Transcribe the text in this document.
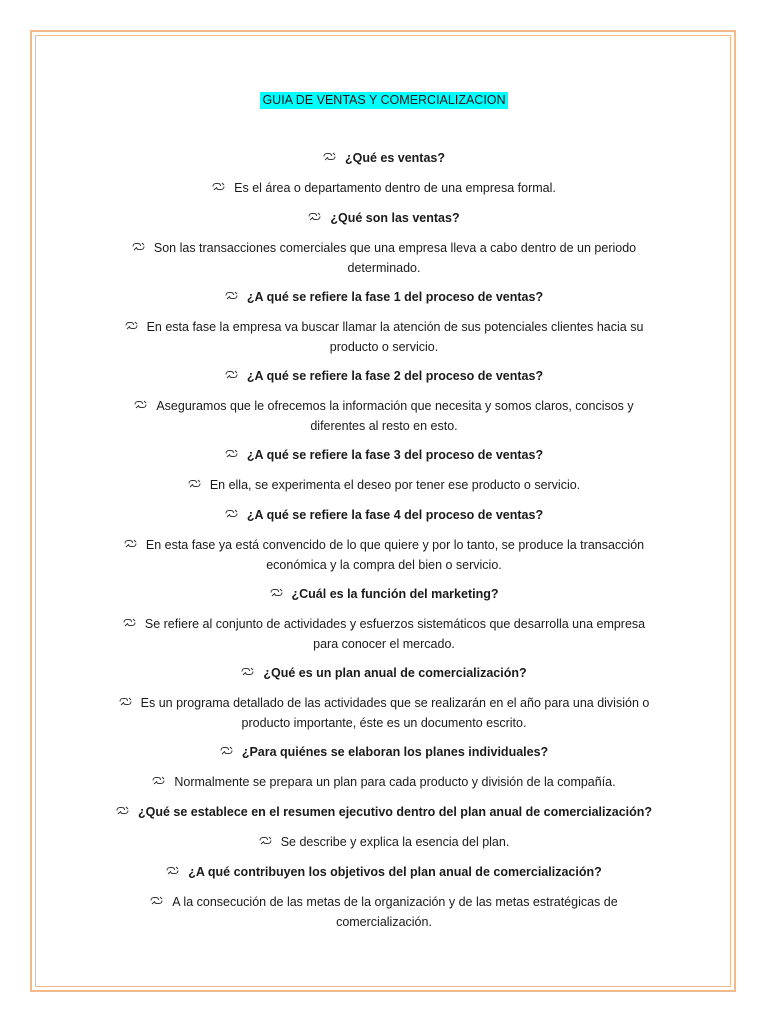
GUIA DE VENTAS Y COMERCIALIZACION

¿Qué es ventas?

Es el área o departamento dentro de una empresa formal.

¿Qué son las ventas?

Son las transacciones comerciales que una empresa lleva a cabo dentro de un periodo determinado.

¿A qué se refiere la fase 1 del proceso de ventas?

En esta fase la empresa va buscar llamar la atención de sus potenciales clientes hacia su producto o servicio.

¿A qué se refiere la fase 2 del proceso de ventas?

Aseguramos que le ofrecemos la información que necesita y somos claros, concisos y diferentes al resto en esto.

¿A qué se refiere la fase 3 del proceso de ventas?

En ella, se experimenta el deseo por tener ese producto o servicio.

¿A qué se refiere la fase 4 del proceso de ventas?

En esta fase ya está convencido de lo que quiere y por lo tanto, se produce la transacción económica y la compra del bien o servicio.

¿Cuál es la función del marketing?

Se refiere al conjunto de actividades y esfuerzos sistemáticos que desarrolla una empresa para conocer el mercado.

¿Qué es un plan anual de comercialización?

Es un programa detallado de las actividades que se realizarán en el año para una división o producto importante, éste es un documento escrito.

¿Para quiénes se elaboran los planes individuales?

Normalmente se prepara un plan para cada producto y división de la compañía.

¿Qué se establece en el resumen ejecutivo dentro del plan anual de comercialización?

Se describe y explica la esencia del plan.

¿A qué contribuyen los objetivos del plan anual de comercialización?

A la consecución de las metas de la organización y de las metas estratégicas de comercialización.
